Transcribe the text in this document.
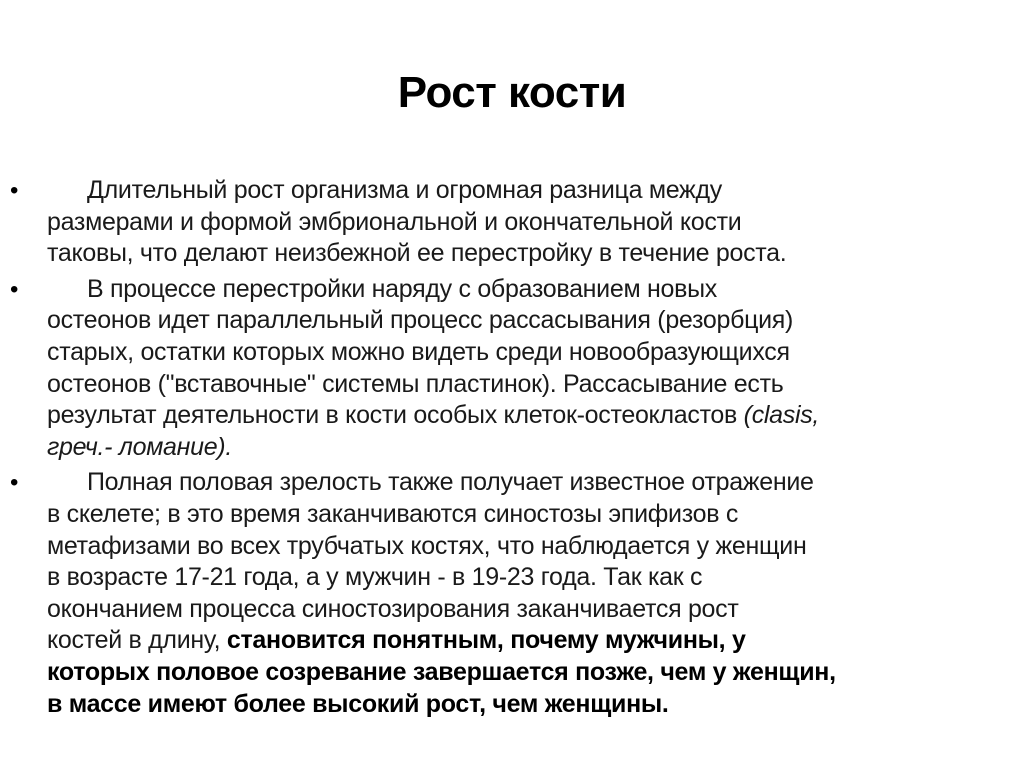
Рост кости
•	Длительный рост организма и огромная разница между
размерами и формой эмбриональной и окончательной кости
таковы, что делают неизбежной ее перестройку в течение роста.
•	В процессе перестройки наряду с образованием новых
остеонов идет параллельный процесс рассасывания (резорбция)
старых, остатки которых можно видеть среди новообразующихся
остеонов ("вставочные" системы пластинок). Рассасывание есть
результат деятельности в кости особых клеток-остеокластов (clasis,
греч.- ломание).
•	Полная половая зрелость также получает известное отражение
в скелете; в это время заканчиваются синостозы эпифизов с
метафизами во всех трубчатых костях, что наблюдается у женщин
в возрасте 17-21 года, а у мужчин - в 19-23 года. Так как с
окончанием процесса синостозирования заканчивается рост
костей в длину, становится понятным, почему мужчины, у
которых половое созревание завершается позже, чем у женщин,
в массе имеют более высокий рост, чем женщины.
